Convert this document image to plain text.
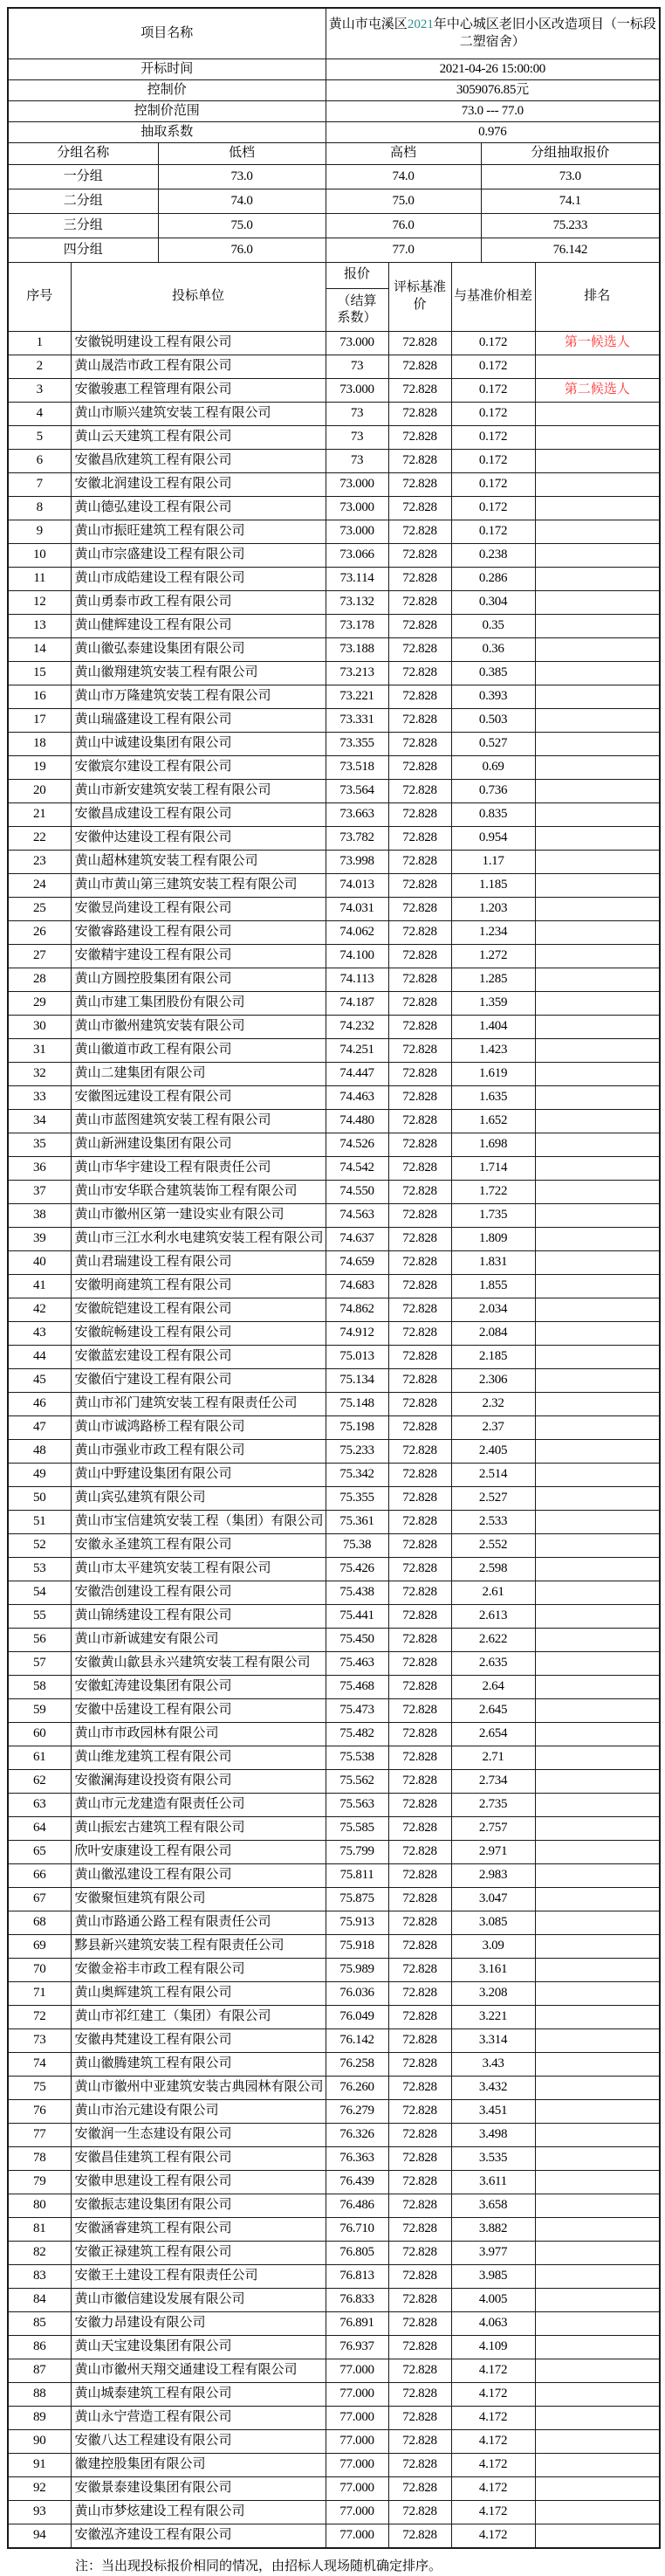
项目名称			黄山市屯溪区2021年中心城区老旧小区改造项目（一标段二塑宿舍）				
开标时间			2021-04-26 15:00:00				
控制价			3059076.85元				
控制价范围			73.0 --- 77.0				
抽取系数			0.976				
分组名称		低档	高档			分组抽取报价	
一分组		73.0	74.0			73.0	
二分组		74.0	75.0			74.1	
三分组		75.0	76.0			75.233	
四分组		76.0	77.0			76.142	
序号	投标单位		报价
（结算系数）	评标基准价	与基准价相差		排名
1	安徽锐明建设工程有限公司		73.000	72.828	0.172		第一候选人
2	黄山晟浩市政工程有限公司		73	72.828	0.172		
3	安徽骏惠工程管理有限公司		73.000	72.828	0.172		第二候选人
4	黄山市顺兴建筑安装工程有限公司		73	72.828	0.172		
5	黄山云天建筑工程有限公司		73	72.828	0.172		
6	安徽昌欣建筑工程有限公司		73	72.828	0.172		
7	安徽北润建设工程有限公司		73.000	72.828	0.172		
8	黄山德弘建设工程有限公司		73.000	72.828	0.172		
9	黄山市振旺建筑工程有限公司		73.000	72.828	0.172		
10	黄山市宗盛建设工程有限公司		73.066	72.828	0.238		
11	黄山市成皓建设工程有限公司		73.114	72.828	0.286		
12	黄山勇泰市政工程有限公司		73.132	72.828	0.304		
13	黄山健辉建设工程有限公司		73.178	72.828	0.35		
14	黄山徽弘泰建设集团有限公司		73.188	72.828	0.36		
15	黄山徽翔建筑安装工程有限公司		73.213	72.828	0.385		
16	黄山市万隆建筑安装工程有限公司		73.221	72.828	0.393		
17	黄山瑞盛建设工程有限公司		73.331	72.828	0.503		
18	黄山中诚建设集团有限公司		73.355	72.828	0.527		
19	安徽宸尔建设工程有限公司		73.518	72.828	0.69		
20	黄山市新安建筑安装工程有限公司		73.564	72.828	0.736		
21	安徽昌成建设工程有限公司		73.663	72.828	0.835		
22	安徽仲达建设工程有限公司		73.782	72.828	0.954		
23	黄山超林建筑安装工程有限公司		73.998	72.828	1.17		
24	黄山市黄山第三建筑安装工程有限公司		74.013	72.828	1.185		
25	安徽昱尚建设工程有限公司		74.031	72.828	1.203		
26	安徽睿路建设工程有限公司		74.062	72.828	1.234		
27	安徽精宇建设工程有限公司		74.100	72.828	1.272		
28	黄山方圆控股集团有限公司		74.113	72.828	1.285		
29	黄山市建工集团股份有限公司		74.187	72.828	1.359		
30	黄山市徽州建筑安装有限公司		74.232	72.828	1.404		
31	黄山徽道市政工程有限公司		74.251	72.828	1.423		
32	黄山二建集团有限公司		74.447	72.828	1.619		
33	安徽图远建设工程有限公司		74.463	72.828	1.635		
34	黄山市蓝图建筑安装工程有限公司		74.480	72.828	1.652		
35	黄山新洲建设集团有限公司		74.526	72.828	1.698		
36	黄山市华宇建设工程有限责任公司		74.542	72.828	1.714		
37	黄山市安华联合建筑装饰工程有限公司		74.550	72.828	1.722		
38	黄山市徽州区第一建设实业有限公司		74.563	72.828	1.735		
39	黄山市三江水利水电建筑安装工程有限公司		74.637	72.828	1.809		
40	黄山君瑞建设工程有限公司		74.659	72.828	1.831		
41	安徽明商建筑工程有限公司		74.683	72.828	1.855		
42	安徽皖铠建设工程有限公司		74.862	72.828	2.034		
43	安徽皖畅建设工程有限公司		74.912	72.828	2.084		
44	安徽蓝宏建设工程有限公司		75.013	72.828	2.185		
45	安徽佰宁建设工程有限公司		75.134	72.828	2.306		
46	黄山市祁门建筑安装工程有限责任公司		75.148	72.828	2.32		
47	黄山市诚鸿路桥工程有限公司		75.198	72.828	2.37		
48	黄山市强业市政工程有限公司		75.233	72.828	2.405		
49	黄山中野建设集团有限公司		75.342	72.828	2.514		
50	黄山宾弘建筑有限公司		75.355	72.828	2.527		
51	黄山市宝信建筑安装工程（集团）有限公司		75.361	72.828	2.533		
52	安徽永圣建筑工程有限公司		75.38	72.828	2.552		
53	黄山市太平建筑安装工程有限公司		75.426	72.828	2.598		
54	安徽浩创建设工程有限公司		75.438	72.828	2.61		
55	黄山锦绣建设工程有限公司		75.441	72.828	2.613		
56	黄山市新诚建安有限公司		75.450	72.828	2.622		
57	安徽黄山歙县永兴建筑安装工程有限公司		75.463	72.828	2.635		
58	安徽虹涛建设集团有限公司		75.468	72.828	2.64		
59	安徽中岳建设工程有限公司		75.473	72.828	2.645		
60	黄山市市政园林有限公司		75.482	72.828	2.654		
61	黄山维龙建筑工程有限公司		75.538	72.828	2.71		
62	安徽澜海建设投资有限公司		75.562	72.828	2.734		
63	黄山市元龙建造有限责任公司		75.563	72.828	2.735		
64	黄山振宏古建筑工程有限公司		75.585	72.828	2.757		
65	欣叶安康建设工程有限公司		75.799	72.828	2.971		
66	黄山徽泓建设工程有限公司		75.811	72.828	2.983		
67	安徽聚恒建筑有限公司		75.875	72.828	3.047		
68	黄山市路通公路工程有限责任公司		75.913	72.828	3.085		
69	黟县新兴建筑安装工程有限责任公司		75.918	72.828	3.09		
70	安徽金裕丰市政工程有限公司		75.989	72.828	3.161		
71	黄山奥辉建筑工程有限公司		76.036	72.828	3.208		
72	黄山市祁红建工（集团）有限公司		76.049	72.828	3.221		
73	安徽冉梵建设工程有限公司		76.142	72.828	3.314		
74	黄山徽腾建筑工程有限公司		76.258	72.828	3.43		
75	黄山市徽州中亚建筑安装古典园林有限公司		76.260	72.828	3.432		
76	黄山市治元建设有限公司		76.279	72.828	3.451		
77	安徽润一生态建设有限公司		76.326	72.828	3.498		
78	安徽昌佳建筑工程有限公司		76.363	72.828	3.535		
79	安徽申思建设工程有限公司		76.439	72.828	3.611		
80	安徽振志建设集团有限公司		76.486	72.828	3.658		
81	安徽涵睿建筑工程有限公司		76.710	72.828	3.882		
82	安徽正禄建筑工程有限公司		76.805	72.828	3.977		
83	安徽王土建设工程有限责任公司		76.813	72.828	3.985		
84	黄山市徽信建设发展有限公司		76.833	72.828	4.005		
85	安徽力昂建设有限公司		76.891	72.828	4.063		
86	黄山天宝建设集团有限公司		76.937	72.828	4.109		
87	黄山市徽州天翔交通建设工程有限公司		77.000	72.828	4.172		
88	黄山城泰建筑工程有限公司		77.000	72.828	4.172		
89	黄山永宁营造工程有限公司		77.000	72.828	4.172		
90	安徽八达工程建设有限公司		77.000	72.828	4.172		
91	徽建控股集团有限公司		77.000	72.828	4.172		
92	安徽景泰建设集团有限公司		77.000	72.828	4.172		
93	黄山市梦炫建设工程有限公司		77.000	72.828	4.172		
94	安徽泓齐建设工程有限公司		77.000	72.828	4.172		
注：当出现投标报价相同的情况，由招标人现场随机确定排序。
